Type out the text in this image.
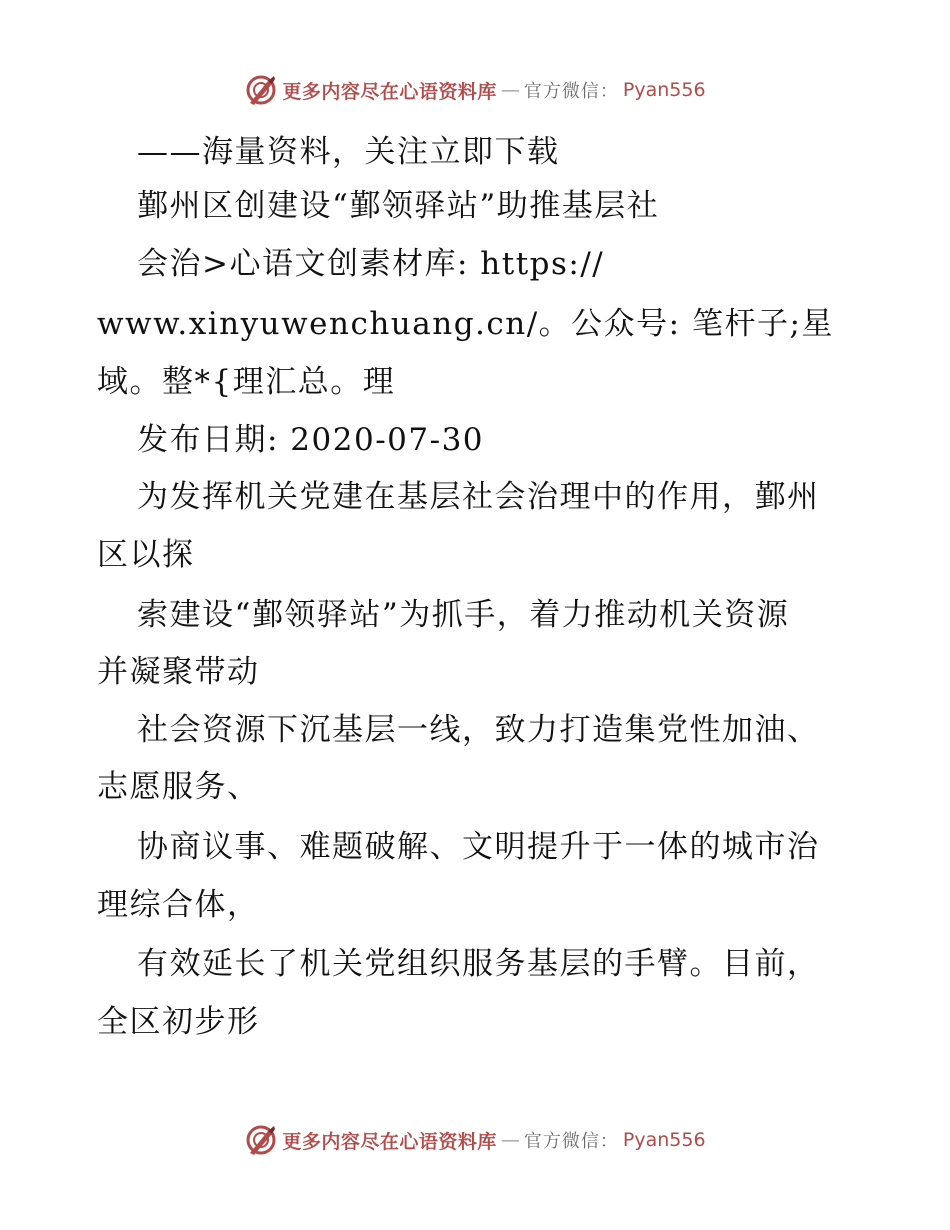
更多内容尽在心语资料库 — 官方微信： Pyan556
——海量资料，关注立即下载
鄞州区创建设“鄞领驿站”助推基层社
会治>心语文创素材库: https://
www.xinyuwenchuang.cn/。公众号: 笔杆子;星
域。整*{理汇总。理
发布日期: 2020-07-30
为发挥机关党建在基层社会治理中的作用，鄞州
区以探
索建设“鄞领驿站”为抓手，着力推动机关资源
并凝聚带动
社会资源下沉基层一线，致力打造集党性加油、
志愿服务、
协商议事、难题破解、文明提升于一体的城市治
理综合体，
有效延长了机关党组织服务基层的手臂。目前，
全区初步形
更多内容尽在心语资料库 — 官方微信： Pyan556
